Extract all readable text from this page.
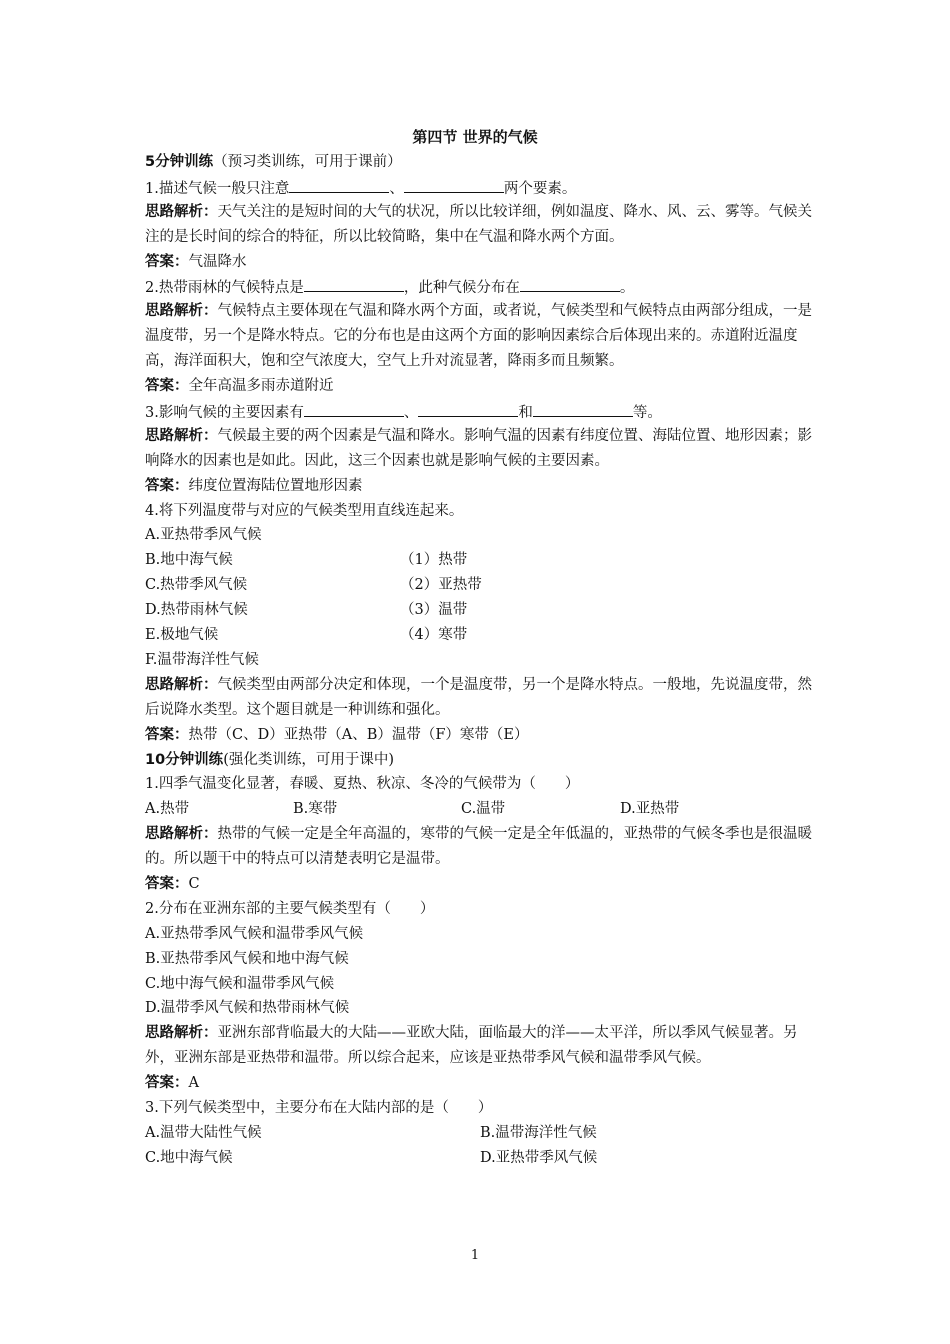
第四节 世界的气候
5分钟训练（预习类训练，可用于课前）
1.描述气候一般只注意	、	两个要素。
思路解析：天气关注的是短时间的大气的状况，所以比较详细，例如温度、降水、风、云、雾等。气候关注的是长时间的综合的特征，所以比较简略，集中在气温和降水两个方面。
答案：气温降水
2.热带雨林的气候特点是	，此种气候分布在	。
思路解析：气候特点主要体现在气温和降水两个方面，或者说，气候类型和气候特点由两部分组成，一是温度带，另一个是降水特点。它的分布也是由这两个方面的影响因素综合后体现出来的。赤道附近温度高，海洋面积大，饱和空气浓度大，空气上升对流显著，降雨多而且频繁。
答案：全年高温多雨赤道附近
3.影响气候的主要因素有	、	和	等。
思路解析：气候最主要的两个因素是气温和降水。影响气温的因素有纬度位置、海陆位置、地形因素；影响降水的因素也是如此。因此，这三个因素也就是影响气候的主要因素。
答案：纬度位置海陆位置地形因素
4.将下列温度带与对应的气候类型用直线连起来。
A.亚热带季风气候
B.地中海气候	（1）热带
C.热带季风气候	（2）亚热带
D.热带雨林气候	（3）温带
E.极地气候	（4）寒带
F.温带海洋性气候
思路解析：气候类型由两部分决定和体现，一个是温度带，另一个是降水特点。一般地，先说温度带，然后说降水类型。这个题目就是一种训练和强化。
答案：热带（C、D）亚热带（A、B）温带（F）寒带（E）
10分钟训练(强化类训练，可用于课中)
1.四季气温变化显著，春暖、夏热、秋凉、冬冷的气候带为（　　）
A.热带	B.寒带	C.温带	D.亚热带
思路解析：热带的气候一定是全年高温的，寒带的气候一定是全年低温的，亚热带的气候冬季也是很温暖的。所以题干中的特点可以清楚表明它是温带。
答案：C
2.分布在亚洲东部的主要气候类型有（　　）
A.亚热带季风气候和温带季风气候
B.亚热带季风气候和地中海气候
C.地中海气候和温带季风气候
D.温带季风气候和热带雨林气候
思路解析：亚洲东部背临最大的大陆——亚欧大陆，面临最大的洋——太平洋，所以季风气候显著。另外，亚洲东部是亚热带和温带。所以综合起来，应该是亚热带季风气候和温带季风气候。
答案：A
3.下列气候类型中，主要分布在大陆内部的是（　　）
A.温带大陆性气候	B.温带海洋性气候
C.地中海气候	D.亚热带季风气候
1
